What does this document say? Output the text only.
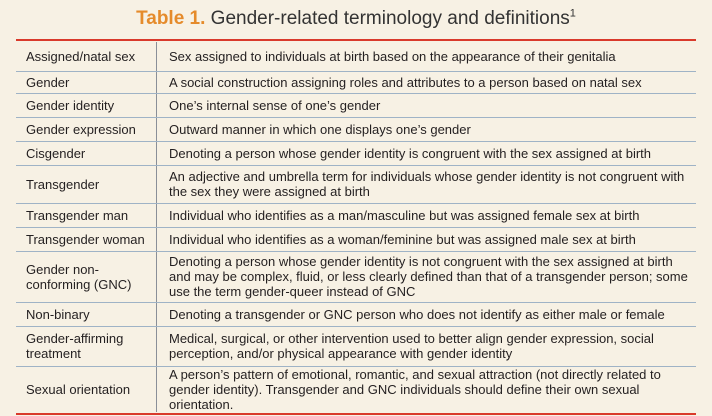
Table 1. Gender-related terminology and definitions$^1$
Assigned/natal sex	Sex assigned to individuals at birth based on the appearance of their genitalia
Gender	A social construction assigning roles and attributes to a person based on natal sex
Gender identity	One’s internal sense of one’s gender
Gender expression	Outward manner in which one displays one’s gender
Cisgender	Denoting a person whose gender identity is congruent with the sex assigned at birth
Transgender	An adjective and umbrella term for individuals whose gender identity is not congruent with the sex they were assigned at birth
Transgender man	Individual who identifies as a man/masculine but was assigned female sex at birth
Transgender woman	Individual who identifies as a woman/feminine but was assigned male sex at birth
Gender non-conforming (GNC)	Denoting a person whose gender identity is not congruent with the sex assigned at birth and may be complex, fluid, or less clearly defined than that of a transgender person; some use the term gender-queer instead of GNC
Non-binary	Denoting a transgender or GNC person who does not identify as either male or female
Gender-affirming treatment	Medical, surgical, or other intervention used to better align gender expression, social perception, and/or physical appearance with gender identity
Sexual orientation	A person’s pattern of emotional, romantic, and sexual attraction (not directly related to gender identity). Transgender and GNC individuals should define their own sexual orientation.
